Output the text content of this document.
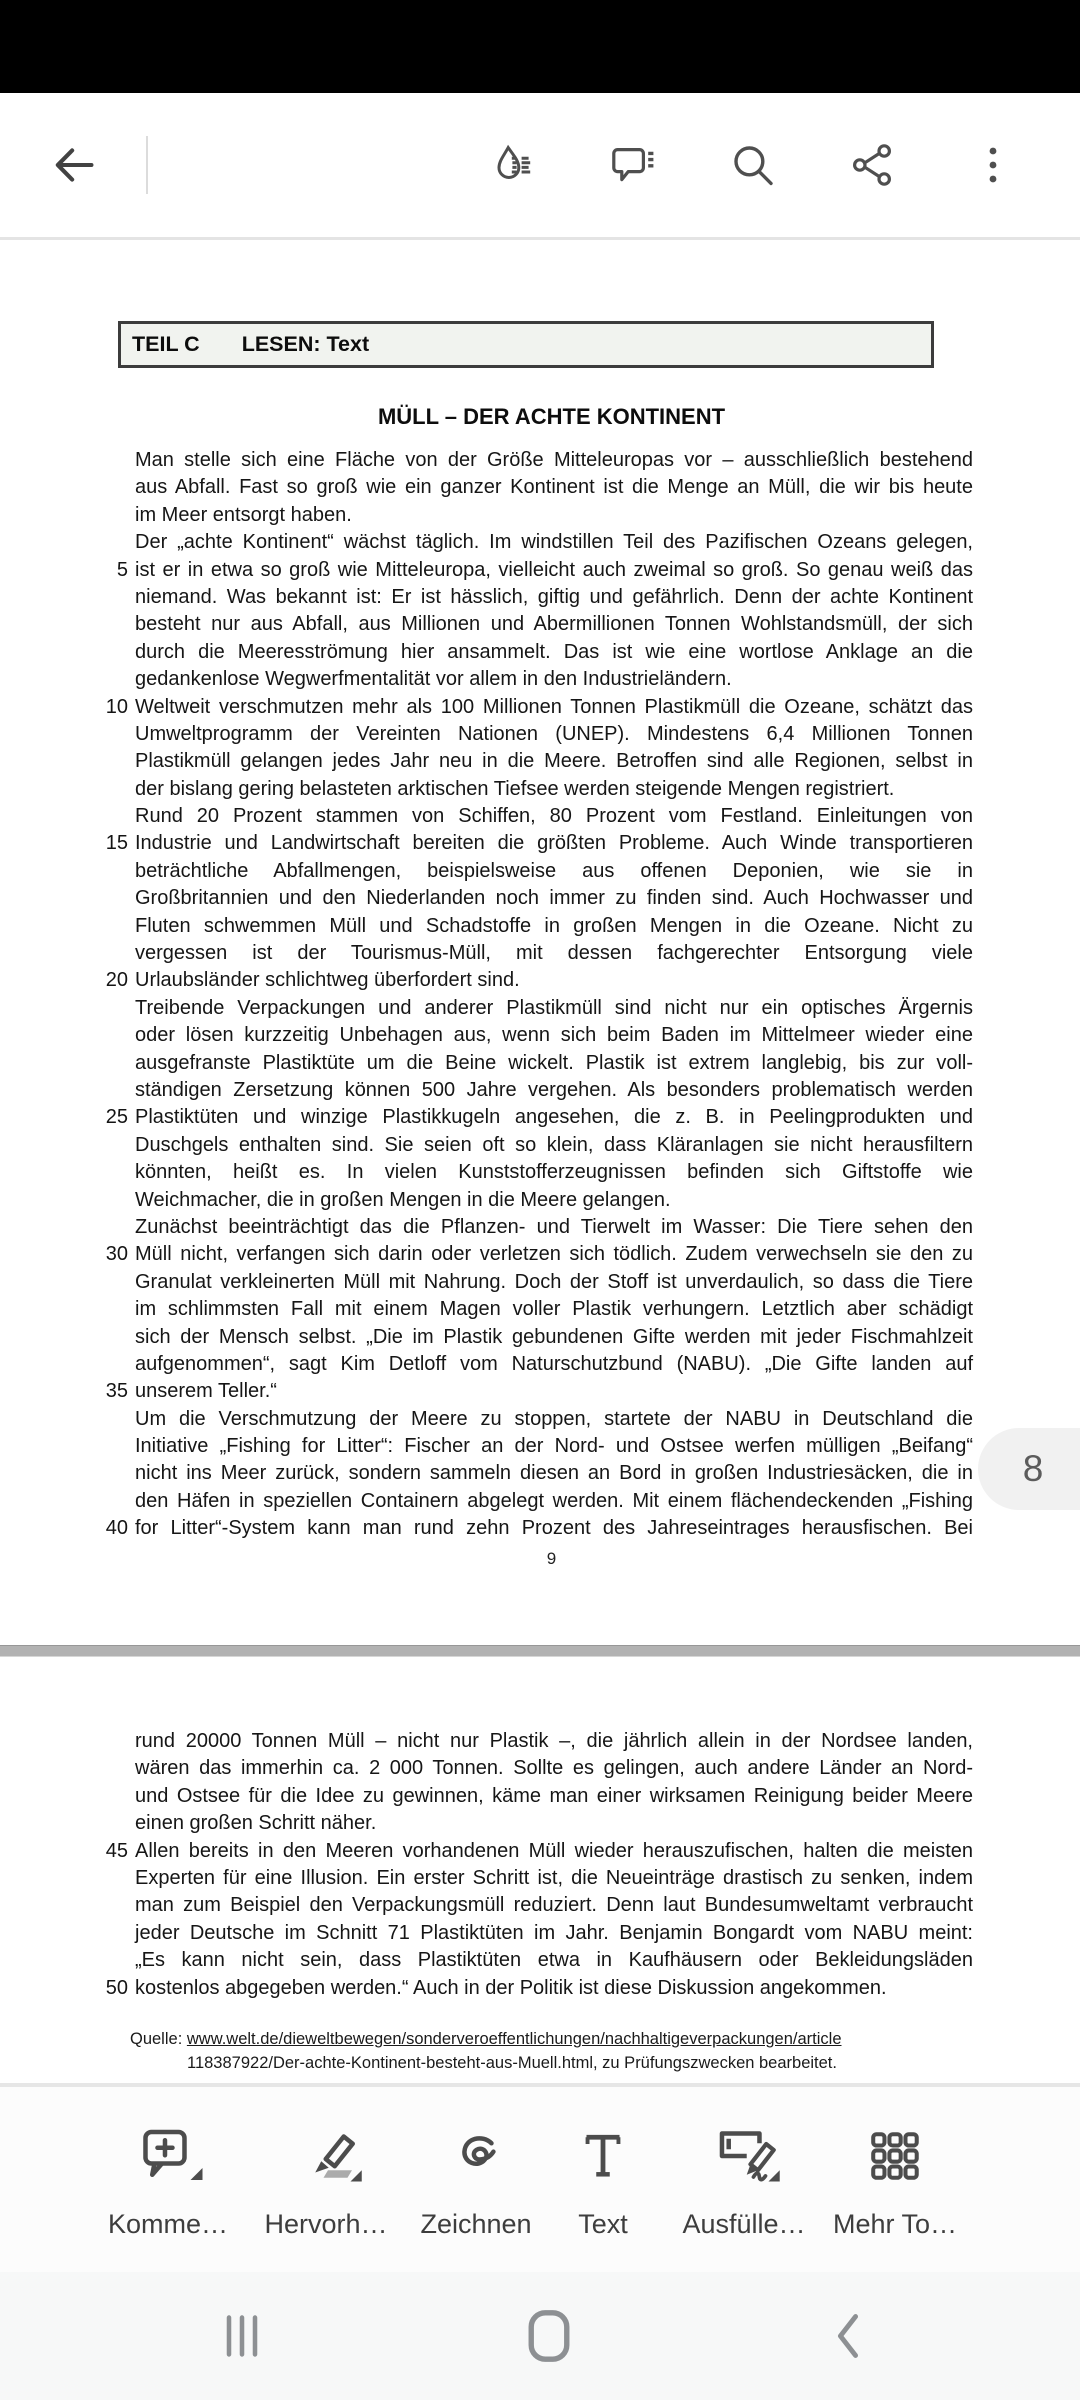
TEIL C LESEN: Text
MÜLL – DER ACHTE KONTINENT
Man stelle sich eine Fläche von der Größe Mitteleuropas vor – ausschließlich bestehend
aus Abfall. Fast so groß wie ein ganzer Kontinent ist die Menge an Müll, die wir bis heute
im Meer entsorgt haben.
Der „achte Kontinent“ wächst täglich. Im windstillen Teil des Pazifischen Ozeans gelegen,
5 ist er in etwa so groß wie Mitteleuropa, vielleicht auch zweimal so groß. So genau weiß das
niemand. Was bekannt ist: Er ist hässlich, giftig und gefährlich. Denn der achte Kontinent
besteht nur aus Abfall, aus Millionen und Abermillionen Tonnen Wohlstandsmüll, der sich
durch die Meeresströmung hier ansammelt. Das ist wie eine wortlose Anklage an die
gedankenlose Wegwerfmentalität vor allem in den Industrieländern.
10 Weltweit verschmutzen mehr als 100 Millionen Tonnen Plastikmüll die Ozeane, schätzt das
Umweltprogramm der Vereinten Nationen (UNEP). Mindestens 6,4 Millionen Tonnen
Plastikmüll gelangen jedes Jahr neu in die Meere. Betroffen sind alle Regionen, selbst in
der bislang gering belasteten arktischen Tiefsee werden steigende Mengen registriert.
Rund 20 Prozent stammen von Schiffen, 80 Prozent vom Festland. Einleitungen von
15 Industrie und Landwirtschaft bereiten die größten Probleme. Auch Winde transportieren
beträchtliche Abfallmengen, beispielsweise aus offenen Deponien, wie sie in
Großbritannien und den Niederlanden noch immer zu finden sind. Auch Hochwasser und
Fluten schwemmen Müll und Schadstoffe in großen Mengen in die Ozeane. Nicht zu
vergessen ist der Tourismus-Müll, mit dessen fachgerechter Entsorgung viele
20 Urlaubsländer schlichtweg überfordert sind.
Treibende Verpackungen und anderer Plastikmüll sind nicht nur ein optisches Ärgernis
oder lösen kurzzeitig Unbehagen aus, wenn sich beim Baden im Mittelmeer wieder eine
ausgefranste Plastiktüte um die Beine wickelt. Plastik ist extrem langlebig, bis zur voll-
ständigen Zersetzung können 500 Jahre vergehen. Als besonders problematisch werden
25 Plastiktüten und winzige Plastikkugeln angesehen, die z. B. in Peelingprodukten und
Duschgels enthalten sind. Sie seien oft so klein, dass Kläranlagen sie nicht herausfiltern
könnten, heißt es. In vielen Kunststofferzeugnissen befinden sich Giftstoffe wie
Weichmacher, die in großen Mengen in die Meere gelangen.
Zunächst beeinträchtigt das die Pflanzen- und Tierwelt im Wasser: Die Tiere sehen den
30 Müll nicht, verfangen sich darin oder verletzen sich tödlich. Zudem verwechseln sie den zu
Granulat verkleinerten Müll mit Nahrung. Doch der Stoff ist unverdaulich, so dass die Tiere
im schlimmsten Fall mit einem Magen voller Plastik verhungern. Letztlich aber schädigt
sich der Mensch selbst. „Die im Plastik gebundenen Gifte werden mit jeder Fischmahlzeit
aufgenommen“, sagt Kim Detloff vom Naturschutzbund (NABU). „Die Gifte landen auf
35 unserem Teller.“
Um die Verschmutzung der Meere zu stoppen, startete der NABU in Deutschland die
Initiative „Fishing for Litter“: Fischer an der Nord- und Ostsee werfen mülligen „Beifang“
nicht ins Meer zurück, sondern sammeln diesen an Bord in großen Industriesäcken, die in
den Häfen in speziellen Containern abgelegt werden. Mit einem flächendeckenden „Fishing
40 for Litter“-System kann man rund zehn Prozent des Jahreseintrages herausfischen. Bei
9
8
rund 20000 Tonnen Müll – nicht nur Plastik –, die jährlich allein in der Nordsee landen,
wären das immerhin ca. 2 000 Tonnen. Sollte es gelingen, auch andere Länder an Nord-
und Ostsee für die Idee zu gewinnen, käme man einer wirksamen Reinigung beider Meere
einen großen Schritt näher.
45 Allen bereits in den Meeren vorhandenen Müll wieder herauszufischen, halten die meisten
Experten für eine Illusion. Ein erster Schritt ist, die Neueinträge drastisch zu senken, indem
man zum Beispiel den Verpackungsmüll reduziert. Denn laut Bundesumweltamt verbraucht
jeder Deutsche im Schnitt 71 Plastiktüten im Jahr. Benjamin Bongardt vom NABU meint:
„Es kann nicht sein, dass Plastiktüten etwa in Kaufhäusern oder Bekleidungsläden
50 kostenlos abgegeben werden.“ Auch in der Politik ist diese Diskussion angekommen.
Quelle: www.welt.de/dieweltbewegen/sonderveroeffentlichungen/nachhaltigeverpackungen/article
118387922/Der-achte-Kontinent-besteht-aus-Muell.html, zu Prüfungszwecken bearbeitet.
Komme… Hervorh… Zeichnen	Text	Ausfülle… Mehr To…
